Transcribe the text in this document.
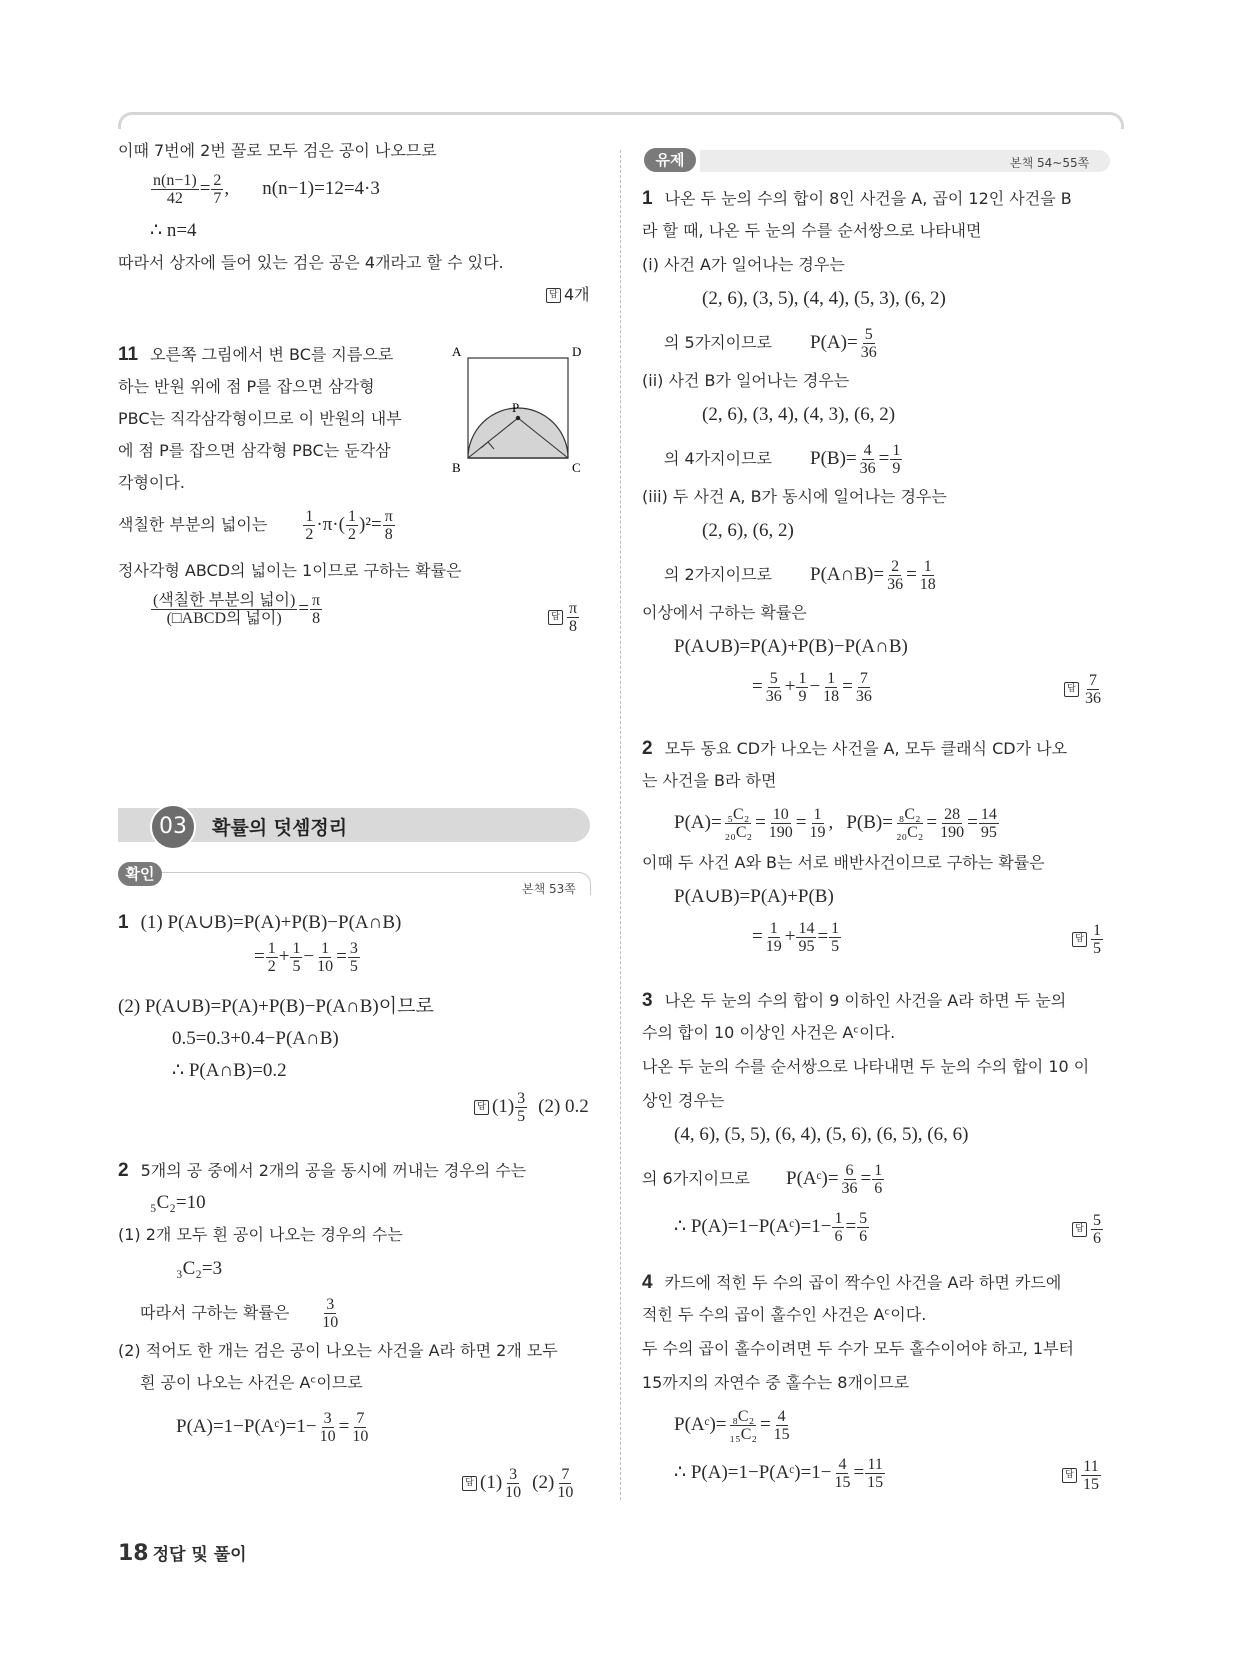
이때 7번에 2번 꼴로 모두 검은 공이 나오므로
$\frac{n(n-1)}{42} = \frac{2}{7}$ , n(n−1)=12=4·3
∴ n=4
따라서 상자에 들어 있는 검은 공은 4개라고 할 수 있다.
답 4개
11 오른쪽 그림에서 변 BC를 지름으로
하는 반원 위에 점 P를 잡으면 삼각형
PBC는 직각삼각형이므로 이 반원의 내부
에 점 P를 잡으면 삼각형 PBC는 둔각삼
각형이다.
A	D
B	C
P
색칠한 부분의 넓이는 $\frac{1}{2} \cdot\pi\cdot( \frac{1}{2} )^2= \frac{\pi}{8}$
정사각형 ABCD의 넓이는 1이므로 구하는 확률은
$\frac{\text{(색칠한 부분의 넓이)}}{\text{(□ABCD의 넓이)}} = \frac{\pi}{8}$	답 $\frac{\pi}{8}$
03	확률의 덧셈정리
확인
본책 53쪽
1 (1) P(A∪B)=P(A)+P(B)−P(A∩B)
= $\frac{1}{2} + \frac{1}{5} - \frac{1}{10} = \frac{3}{5}$
(2) P(A∪B)=P(A)+P(B)−P(A∩B)이므로
0.5=0.3+0.4−P(A∩B)
∴ P(A∩B)=0.2
답 $(1) \frac{3}{5} (2)$ 0.2
2 5개의 공 중에서 2개의 공을 동시에 꺼내는 경우의 수는
₅C₂=10
(1) 2개 모두 흰 공이 나오는 경우의 수는
₃C₂=3
따라서 구하는 확률은 $\frac{3}{10}$
(2) 적어도 한 개는 검은 공이 나오는 사건을 A라 하면 2개 모두
흰 공이 나오는 사건은 Aᶜ이므로
P(A)=1−P(Aᶜ)=1− $\frac{3}{10} = \frac{7}{10}$
답 $(1) \frac{3}{10} (2) \frac{7}{10}$
유제	본책 54~55쪽
1 나온 두 눈의 수의 합이 8인 사건을 A, 곱이 12인 사건을 B
라 할 때, 나온 두 눈의 수를 순서쌍으로 나타내면
(i) 사건 A가 일어나는 경우는
(2, 6), (3, 5), (4, 4), (5, 3), (6, 2)
의 5가지이므로 $P(A)= \frac{5}{36}$
(ii) 사건 B가 일어나는 경우는
(2, 6), (3, 4), (4, 3), (6, 2)
의 4가지이므로 $P(B)= \frac{4}{36} = \frac{1}{9}$
(iii) 두 사건 A, B가 동시에 일어나는 경우는
(2, 6), (6, 2)
의 2가지이므로 P(A∩B)= $\frac{2}{36} = \frac{1}{18}$
이상에서 구하는 확률은
P(A∪B)=P(A)+P(B)−P(A∩B)
= $\frac{5}{36} + \frac{1}{9} - \frac{1}{18} = \frac{7}{36}$	답 $\frac{7}{36}$
2 모두 동요 CD가 나오는 사건을 A, 모두 클래식 CD가 나오
는 사건을 B라 하면
$P(A)= \frac{\text{₅C₂}}{\text{₂₀C₂}} = \frac{10}{190} = \frac{1}{19}$ , $P(B)= \frac{\text{₈C₂}}{\text{₂₀C₂}} = \frac{28}{190} = \frac{14}{95}$
이때 두 사건 A와 B는 서로 배반사건이므로 구하는 확률은
P(A∪B)=P(A)+P(B)
= $\frac{1}{19} + \frac{14}{95} = \frac{1}{5}$	답 $\frac{1}{5}$
3 나온 두 눈의 수의 합이 9 이하인 사건을 A라 하면 두 눈의
수의 합이 10 이상인 사건은 Aᶜ이다.
나온 두 눈의 수를 순서쌍으로 나타내면 두 눈의 수의 합이 10 이
상인 경우는
(4, 6), (5, 5), (6, 4), (5, 6), (6, 5), (6, 6)
의 6가지이므로 P(Aᶜ)= $\frac{6}{36} = \frac{1}{6}$
∴ P(A)=1−P(Aᶜ)=1− $\frac{1}{6} = \frac{5}{6}$	답 $\frac{5}{6}$
4 카드에 적힌 두 수의 곱이 짝수인 사건을 A라 하면 카드에
적힌 두 수의 곱이 홀수인 사건은 Aᶜ이다.
두 수의 곱이 홀수이려면 두 수가 모두 홀수이어야 하고, 1부터
15까지의 자연수 중 홀수는 8개이므로
P(Aᶜ)= $\frac{\text{₈C₂}}{\text{₁₅C₂}} = \frac{4}{15}$
∴ P(A)=1−P(Aᶜ)=1− $\frac{4}{15} = \frac{11}{15}$	답 $\frac{11}{15}$
18 정답 및 풀이
